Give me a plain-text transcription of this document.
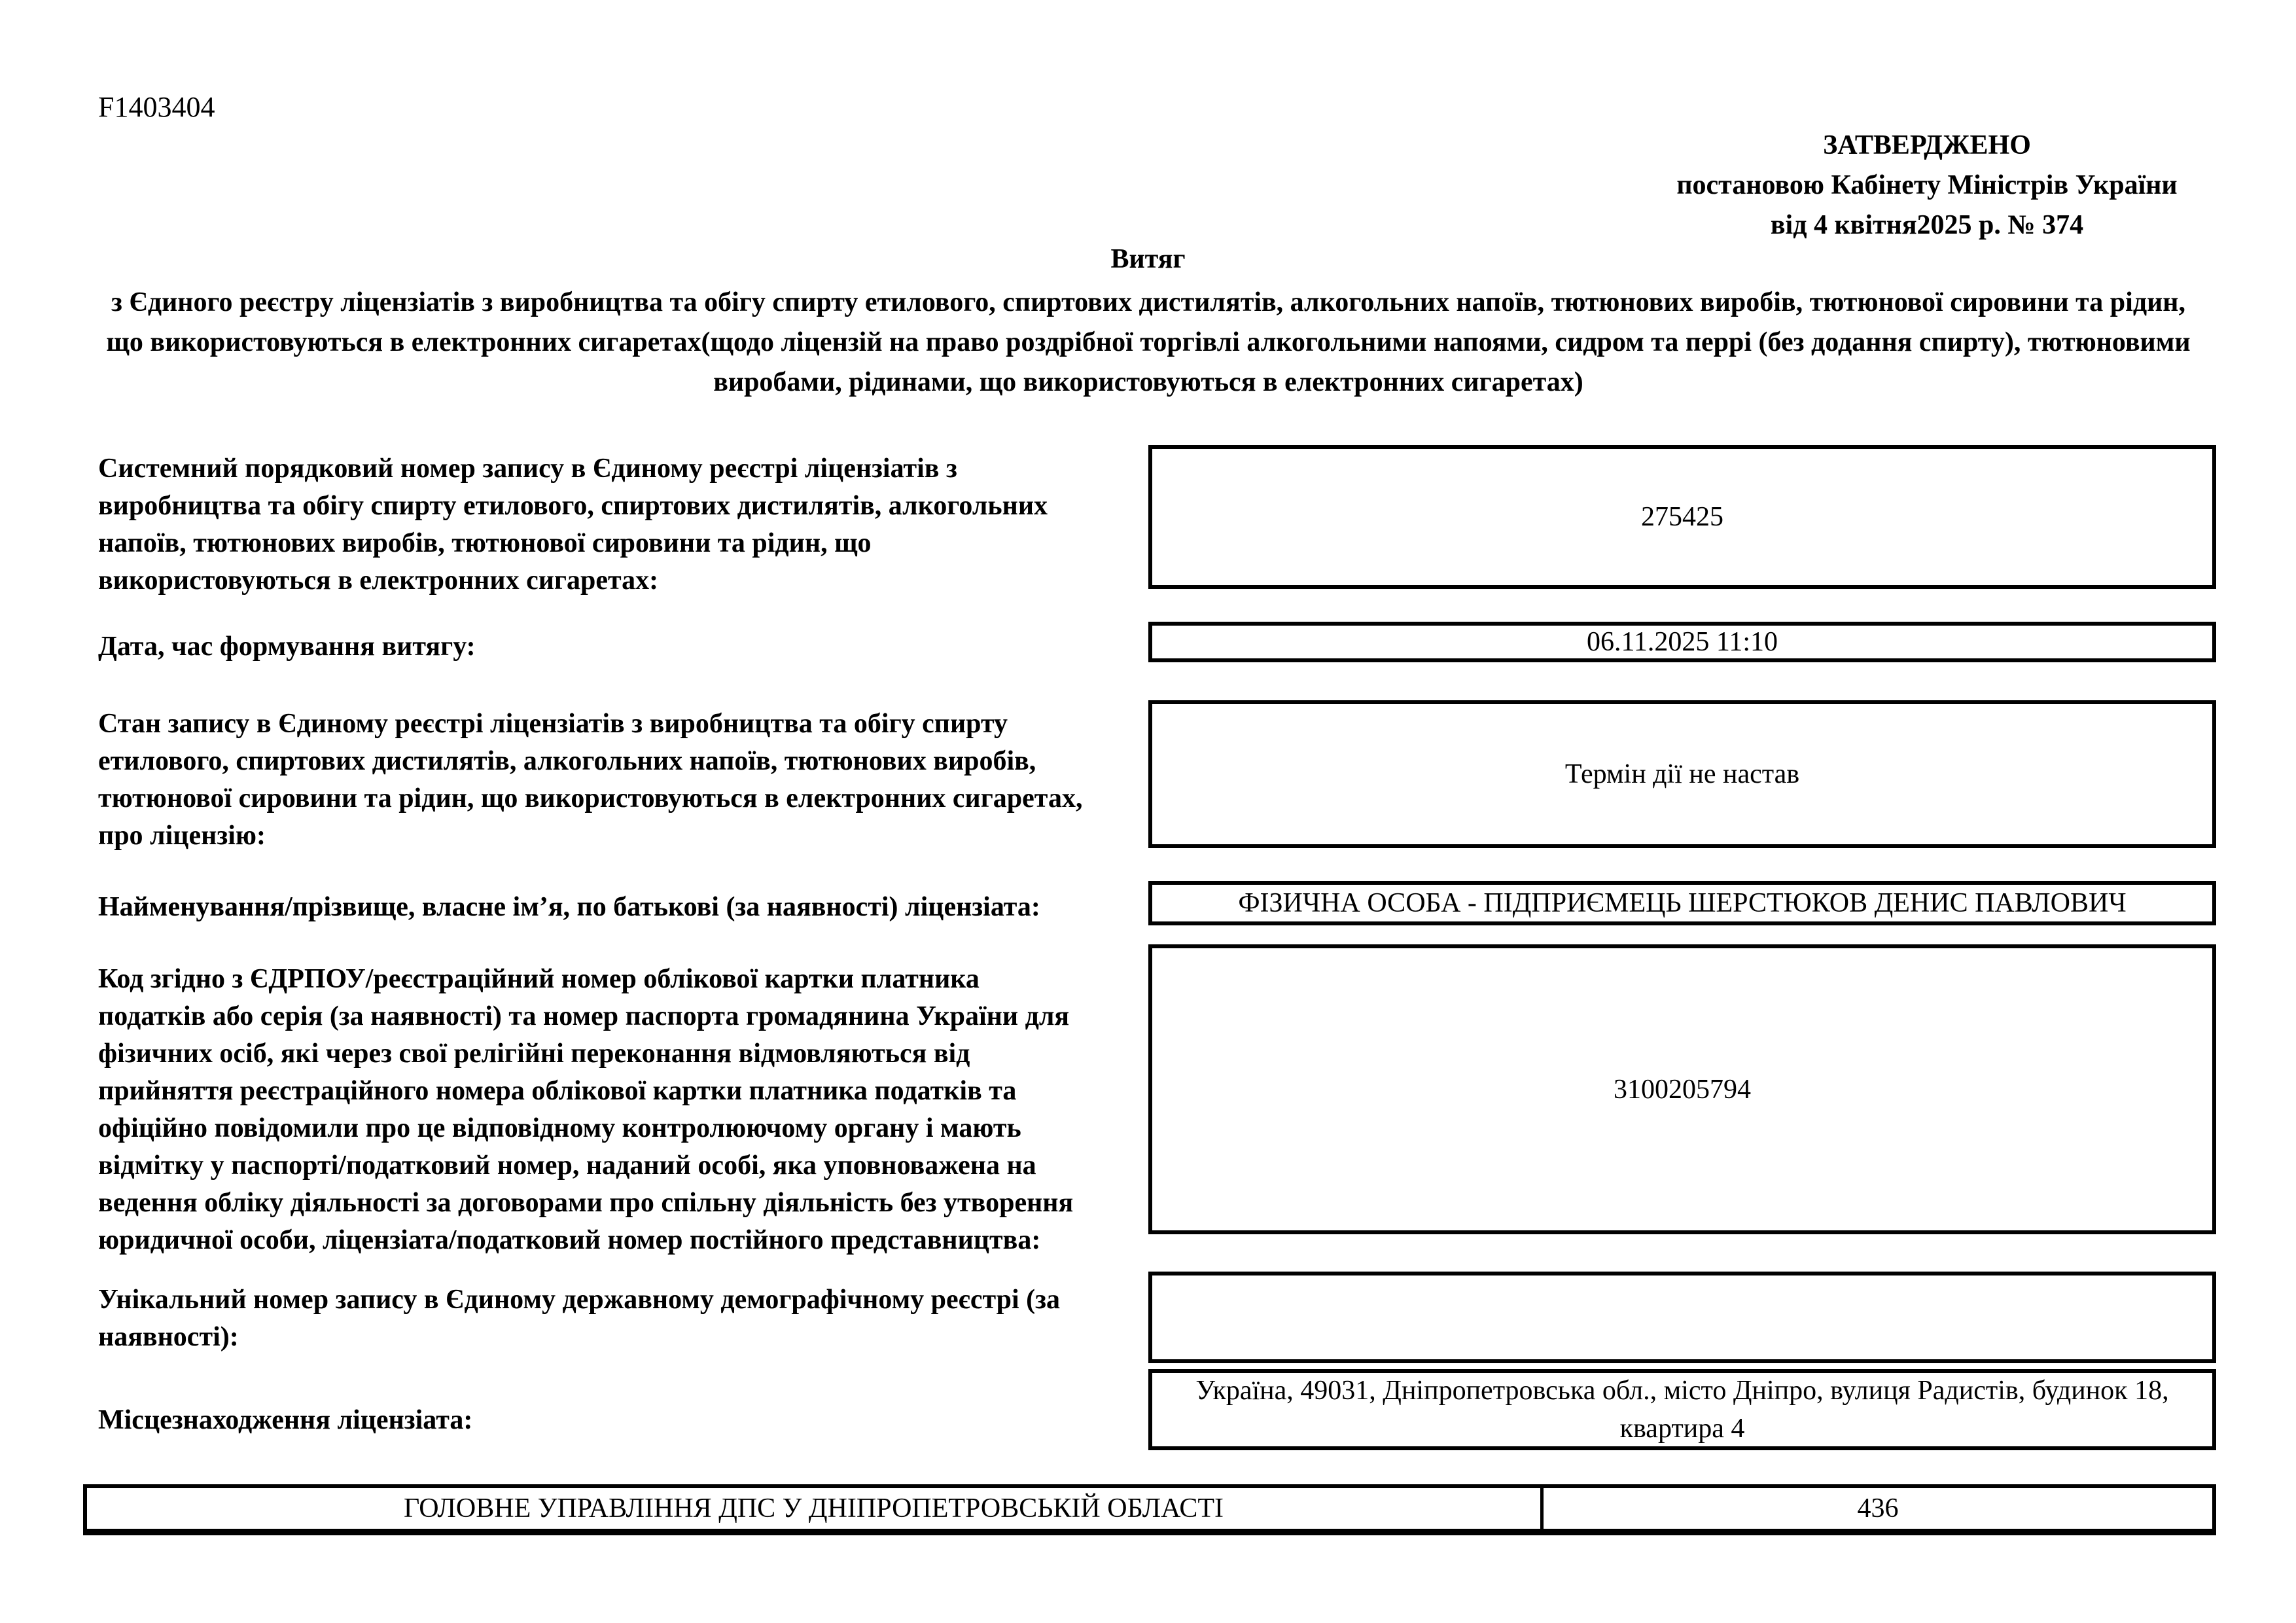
F1403404
ЗАТВЕРДЖЕНО
постановою Кабінету Міністрів України
від 4 квітня2025 р. № 374
Витяг
з Єдиного реєстру ліцензіатів з виробництва та обігу спирту етилового, спиртових дистилятів, алкогольних напоїв, тютюнових виробів, тютюнової сировини та рідин, що використовуються в електронних сигаретах(щодо ліцензій на право роздрібної торгівлі алкогольними напоями, сидром та перрі (без додання спирту), тютюновими виробами, рідинами, що використовуються в електронних сигаретах)
Системний порядковий номер запису в Єдиному реєстрі ліцензіатів з виробництва та обігу спирту етилового, спиртових дистилятів, алкогольних напоїв, тютюнових виробів, тютюнової сировини та рідин, що використовуються в електронних сигаретах:
275425
Дата, час формування витягу:	06.11.2025 11:10
Стан запису в Єдиному реєстрі ліцензіатів з виробництва та обігу спирту етилового, спиртових дистилятів, алкогольних напоїв, тютюнових виробів, тютюнової сировини та рідин, що використовуються в електронних сигаретах, про ліцензію:
Термін дії не настав
Найменування/прізвище, власне ім’я, по батькові (за наявності) ліцензіата:	ФІЗИЧНА ОСОБА - ПІДПРИЄМЕЦЬ ШЕРСТЮКОВ ДЕНИС ПАВЛОВИЧ
Код згідно з ЄДРПОУ/реєстраційний номер облікової картки платника податків або серія (за наявності) та номер паспорта громадянина України для фізичних осіб, які через свої релігійні переконання відмовляються від прийняття реєстраційного номера облікової картки платника податків та офіційно повідомили про це відповідному контролюючому органу і мають відмітку у паспорті/податковий номер, наданий особі, яка уповноважена на ведення обліку діяльності за договорами про спільну діяльність без утворення юридичної особи, ліцензіата/податковий номер постійного представництва:
3100205794
Унікальний номер запису в Єдиному державному демографічному реєстрі (за наявності):
Місцезнаходження ліцензіата:
Україна, 49031, Дніпропетровська обл., місто Дніпро, вулиця Радистів, будинок 18, квартира 4
ГОЛОВНЕ УПРАВЛІННЯ ДПС У ДНІПРОПЕТРОВСЬКІЙ ОБЛАСТІ	436
